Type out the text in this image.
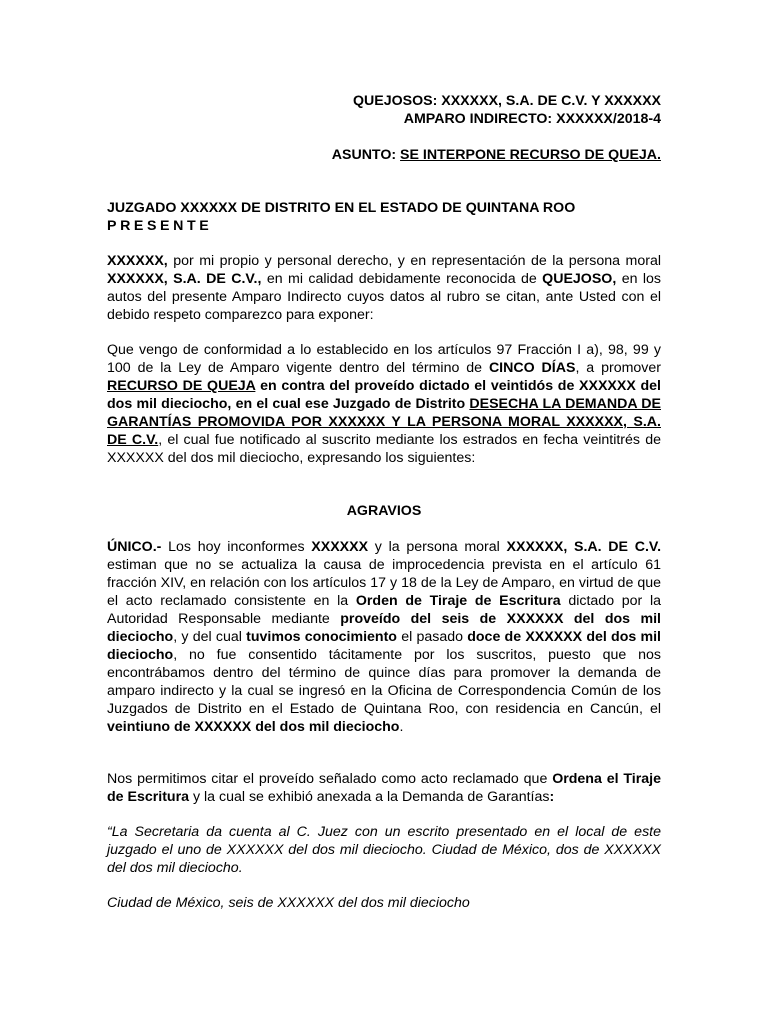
QUEJOSOS: XXXXXX, S.A. DE C.V. Y XXXXXX
AMPARO INDIRECTO: XXXXXX/2018-4
ASUNTO: SE INTERPONE RECURSO DE QUEJA.
JUZGADO XXXXXX DE DISTRITO EN EL ESTADO DE QUINTANA ROO
PRESENTE
XXXXXX, por mi propio y personal derecho, y en representación de la persona moral XXXXXX, S.A. DE C.V., en mi calidad debidamente reconocida de QUEJOSO, en los autos del presente Amparo Indirecto cuyos datos al rubro se citan, ante Usted con el debido respeto comparezco para exponer:
Que vengo de conformidad a lo establecido en los artículos 97 Fracción I a), 98, 99 y 100 de la Ley de Amparo vigente dentro del término de CINCO DÍAS, a promover RECURSO DE QUEJA en contra del proveído dictado el veintidós de XXXXXX del dos mil dieciocho, en el cual ese Juzgado de Distrito DESECHA LA DEMANDA DE GARANTÍAS PROMOVIDA POR XXXXXX Y LA PERSONA MORAL XXXXXX, S.A. DE C.V., el cual fue notificado al suscrito mediante los estrados en fecha veintitrés de XXXXXX del dos mil dieciocho, expresando los siguientes:
AGRAVIOS
ÚNICO.- Los hoy inconformes XXXXXX y la persona moral XXXXXX, S.A. DE C.V. estiman que no se actualiza la causa de improcedencia prevista en el artículo 61 fracción XIV, en relación con los artículos 17 y 18 de la Ley de Amparo, en virtud de que el acto reclamado consistente en la Orden de Tiraje de Escritura dictado por la Autoridad Responsable mediante proveído del seis de XXXXXX del dos mil dieciocho, y del cual tuvimos conocimiento el pasado doce de XXXXXX del dos mil dieciocho, no fue consentido tácitamente por los suscritos, puesto que nos encontrábamos dentro del término de quince días para promover la demanda de amparo indirecto y la cual se ingresó en la Oficina de Correspondencia Común de los Juzgados de Distrito en el Estado de Quintana Roo, con residencia en Cancún, el veintiuno de XXXXXX del dos mil dieciocho.
Nos permitimos citar el proveído señalado como acto reclamado que Ordena el Tiraje de Escritura y la cual se exhibió anexada a la Demanda de Garantías:
“La Secretaria da cuenta al C. Juez con un escrito presentado en el local de este juzgado el uno de XXXXXX del dos mil dieciocho. Ciudad de México, dos de XXXXXX del dos mil dieciocho.
Ciudad de México, seis de XXXXXX del dos mil dieciocho
